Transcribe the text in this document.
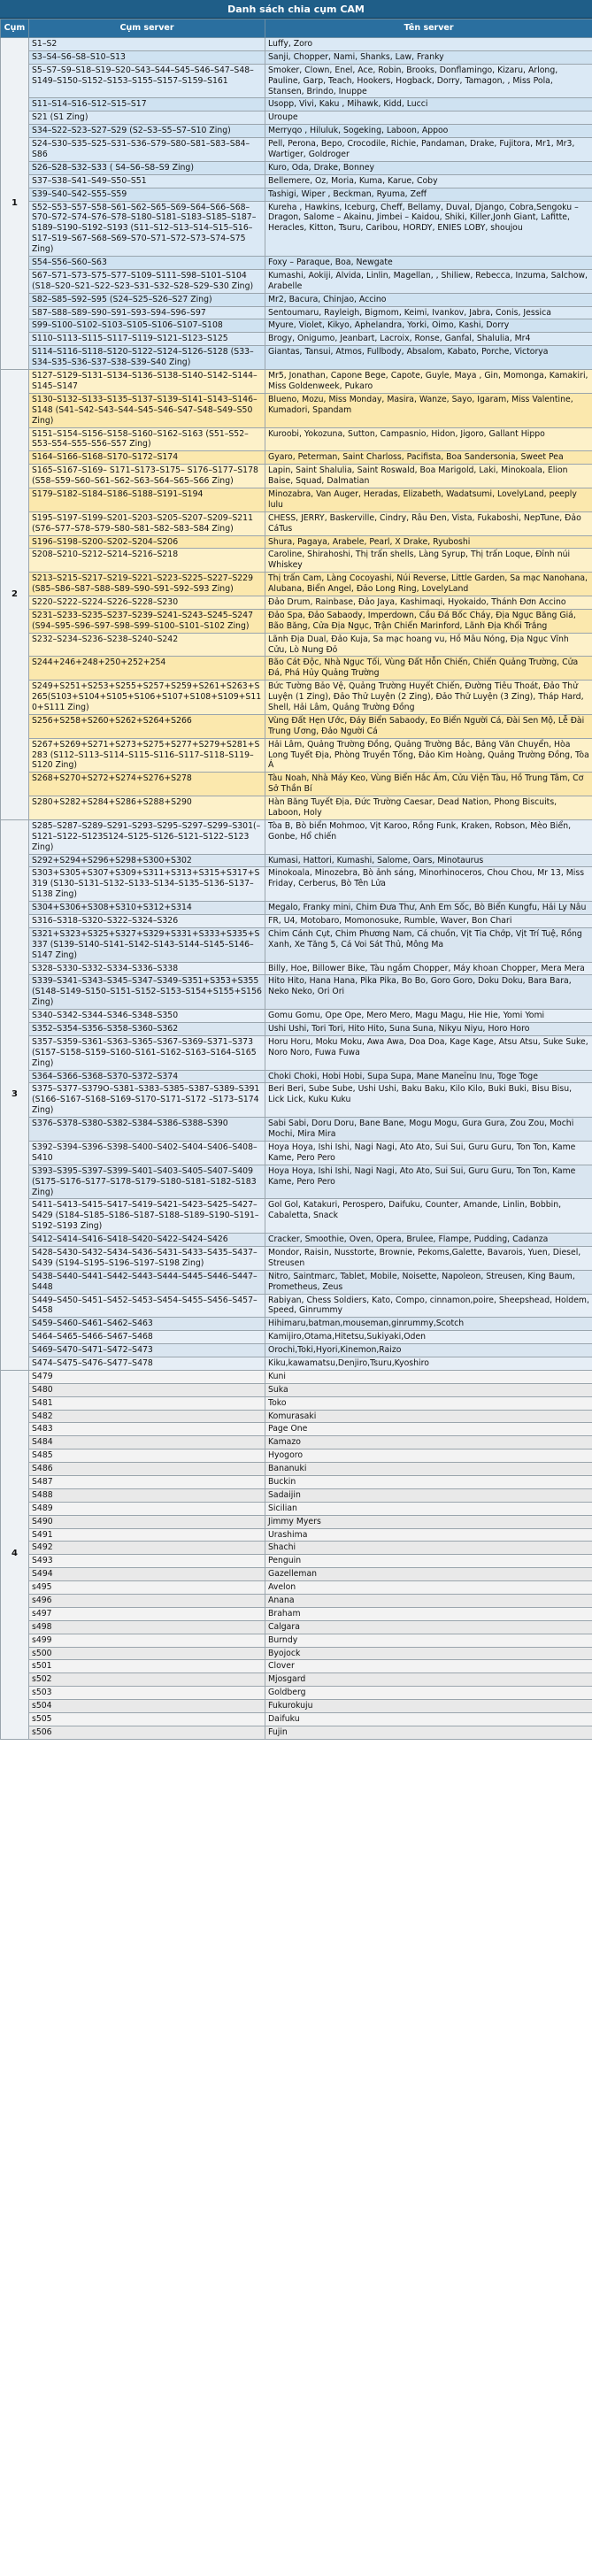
Danh sách chia cụm CAM
Cụm	Cụm server	Tên server
1	S1–S2	Luffy, Zoro
	S3–S4–S6–S8–S10–S13	Sanji, Chopper, Nami, Shanks, Law, Franky
	S5–S7–S9–S18–S19–S20–S43–S44–S45–S46–S47–S48–S149–S150–S152–S153–S155–S157–S159–S161	Smoker, Clown, Enel, Ace, Robin, Brooks, Donflamingo, Kizaru, Arlong, Pauline, Garp, Teach, Hookers, Hogback, Dorry, Tamagon, , Miss Pola, Stansen, Brindo, Inuppe
	S11–S14–S16–S12–S15–S17	Usopp, Vivi, Kaku , Mihawk, Kidd, Lucci
	S21 (S1 Zing)	Uroupe
	S34–S22–S23–S27–S29 (S2–S3–S5–S7–S10 Zing)	Merryqo , Hiluluk, Sogeking, Laboon, Appoo
	S24–S30–S35–S25–S31–S36–S79–S80–S81–S83–S84–S86	Pell, Perona, Bepo, Crocodile, Richie, Pandaman, Drake, Fujitora, Mr1, Mr3, Wartiger, Goldroger
	S26–S28–S32–S33 ( S4–S6–S8–S9 Zing)	Kuro, Oda, Drake, Bonney
	S37–S38–S41–S49–S50–S51	Bellemere, Oz, Moria, Kuma, Karue, Coby
	S39–S40–S42–S55–S59	Tashigi, Wiper , Beckman, Ryuma, Zeff
	S52–S53–S57–S58–S61–S62–S65–S69–S64–S66–S68–S70–S72–S74–S76–S78–S180–S181–S183–S185–S187–S189–S190–S192–S193 (S11–S12–S13–S14–S15–S16–S17–S19–S67–S68–S69–S70–S71–S72–S73–S74–S75 Zing)	Kureha , Hawkins, Iceburg, Cheff, Bellamy, Duval, Django, Cobra,Sengoku – Dragon, Salome – Akainu, Jimbei – Kaidou, Shiki, Killer,Jonh Giant, Lafitte, Heracles, Kitton, Tsuru, Caribou, HORDY, ENIES LOBY, shoujou
	S54–S56–S60–S63	Foxy – Paraque, Boa, Newgate
	S67–S71–S73–S75–S77–S109–S111–S98–S101–S104 (S18–S20–S21–S22–S23–S31–S32–S28–S29–S30 Zing)	Kumashi, Aokiji, Alvida, Linlin, Magellan, , Shiliew, Rebecca, Inzuma, Salchow, Arabelle
	S82–S85–S92–S95 (S24–S25–S26–S27 Zing)	Mr2, Bacura, Chinjao, Accino
	S87–S88–S89–S90–S91–S93–S94–S96–S97	Sentoumaru, Rayleigh, Bigmom, Keimi, Ivankov, Jabra, Conis, Jessica
	S99–S100–S102–S103–S105–S106–S107–S108	Myure, Violet, Kikyo, Aphelandra, Yorki, Oimo, Kashi, Dorry
	S110–S113–S115–S117–S119–S121–S123–S125	Brogy, Onigumo, Jeanbart, Lacroix, Ronse, Ganfal, Shalulia, Mr4
	S114–S116–S118–S120–S122–S124–S126–S128 (S33–S34–S35–S36–S37–S38–S39–S40 Zing)	Giantas, Tansui, Atmos, Fullbody, Absalom, Kabato, Porche, Victorya
2	S127–S129–S131–S134–S136–S138–S140–S142–S144–S145–S147	Mr5, Jonathan, Capone Bege, Capote, Guyle, Maya , Gin, Momonga, Kamakiri, Miss Goldenweek, Pukaro
	S130–S132–S133–S135–S137–S139–S141–S143–S146–S148 (S41–S42–S43–S44–S45–S46–S47–S48–S49–S50 Zing)	Blueno, Mozu, Miss Monday, Masira, Wanze, Sayo, Igaram, Miss Valentine, Kumadori, Spandam
	S151–S154–S156–S158–S160–S162–S163 (S51–S52–S53–S54–S55–S56–S57 Zing)	Kuroobi, Yokozuna, Sutton, Campasnio, Hidon, Jigoro, Gallant Hippo
	S164–S166–S168–S170–S172–S174	Gyaro, Peterman, Saint Charloss, Pacifista, Boa Sandersonia, Sweet Pea
	S165–S167–S169– S171–S173–S175– S176–S177–S178 (S58–S59–S60–S61–S62–S63–S64–S65–S66 Zing)	Lapin, Saint Shalulia, Saint Roswald, Boa Marigold, Laki, Minokoala, Elion Baise, Squad, Dalmatian
	S179–S182–S184–S186–S188–S191–S194	Minozabra, Van Auger, Heradas, Elizabeth, Wadatsumi, LovelyLand, peeply lulu
	S195–S197–S199–S201–S203–S205–S207–S209–S211 (S76–S77–S78–S79–S80–S81–S82–S83–S84 Zing)	CHESS, JERRY, Baskerville, Cindry, Râu Đen, Vista, Fukaboshi, NepTune, Đảo CáTus
	S196–S198–S200–S202–S204–S206	Shura, Pagaya, Arabele, Pearl, X Drake, Ryuboshi
	S208–S210–S212–S214–S216–S218	Caroline, Shirahoshi, Thị trấn shells, Làng Syrup, Thị trấn Loque, Đỉnh núi Whiskey
	S213–S215–S217–S219–S221–S223–S225–S227–S229 (S85–S86–S87–S88–S89–S90–S91–S92–S93 Zing)	Thị trấn Cam, Làng Cocoyashi, Núi Reverse, Little Garden, Sa mạc Nanohana, Alubana, Biển Angel, Đảo Long Ring, LovelyLand
	S220–S222–S224–S226–S228–S230	Đảo Drum, Rainbase, Đảo Jaya, Kashimaqi, Hyokaido, Thánh Đơn Accino
	S231–S233–S235–S237–S239–S241–S243–S245–S247 (S94–S95–S96–S97–S98–S99–S100–S101–S102 Zing)	Đảo Spa, Đảo Sabaody, Imperdown, Cầu Đá Bốc Cháy, Địa Ngục Băng Giá, Bão Băng, Cửa Địa Ngục, Trận Chiến Marinford, Lãnh Địa Khối Trắng
	S232–S234–S236–S238–S240–S242	Lãnh Địa Dual, Đảo Kuja, Sa mạc hoang vu, Hồ Mâu Nóng, Địa Ngục Vĩnh Cửu, Lò Nung Đỏ
	S244+246+248+250+252+254	Bão Cát Độc, Nhà Ngục Tối, Vùng Đất Hỗn Chiến, Chiến Quảng Trường, Cửa Đá, Phá Hủy Quảng Trường
	S249+S251+S253+S255+S257+S259+S261+S263+S265(S103+S104+S105+S106+S107+S108+S109+S110+S111 Zing)	Bức Tường Bảo Vệ, Quảng Trường Huyết Chiến, Đường Tiêu Thoát, Đảo Thử Luyện (1 Zing), Đảo Thử Luyện (2 Zing), Đảo Thử Luyện (3 Zing), Tháp Hard, Shell, Hải Lâm, Quảng Trường Đồng
	S256+S258+S260+S262+S264+S266	Vùng Đất Hẹn Ước, Đáy Biển Sabaody, Eo Biển Người Cá, Đài Sen Mộ, Lễ Đài Trung Ương, Đảo Người Cá
	S267+S269+S271+S273+S275+S277+S279+S281+S283 (S112–S113–S114–S115–S116–S117–S118–S119–S120 Zing)	Hải Lâm, Quảng Trường Đồng, Quảng Trường Bắc, Bảng Văn Chuyển, Hòa Long Tuyết Địa, Phòng Truyền Tống, Đảo Kim Hoàng, Quảng Trường Đồng, Tòa Á
	S268+S270+S272+S274+S276+S278	Tàu Noah, Nhà Máy Keo, Vùng Biển Hắc Ám, Cửu Viện Tàu, Hồ Trung Tâm, Cơ Sở Thần Bí
	S280+S282+S284+S286+S288+S290	Hàn Băng Tuyết Địa, Đức Trường Caesar, Dead Nation, Phong Biscuits, Laboon, Holy
3	S285–S287–S289–S291–S293–S295–S297–S299–S301(–S121–S122–S123S124–S125–S126–S121–S122–S123 Zing)	Tòa B, Bò biển Mohmoo, Vịt Karoo, Rồng Funk, Kraken, Robson, Mèo Biển, Gonbe, Hổ chiến
	S292+S294+S296+S298+S300+S302	Kumasi, Hattori, Kumashi, Salome, Oars, Minotaurus
	S303+S305+S307+S309+S311+S313+S315+S317+S319 (S130–S131–S132–S133–S134–S135–S136–S137–S138 Zing)	Minokoala, Minozebra, Bò ảnh sáng, Minorhinoceros, Chou Chou, Mr 13, Miss Friday, Cerberus, Bò Tên Lửa
	S304+S306+S308+S310+S312+S314	Megalo, Franky mini, Chim Đưa Thư, Anh Em Sốc, Bò Biển Kungfu, Hải Ly Nâu
	S316–S318–S320–S322–S324–S326	FR, U4, Motobaro, Momonosuke, Rumble, Waver, Bon Chari
	S321+S323+S325+S327+S329+S331+S333+S335+S337 (S139–S140–S141–S142–S143–S144–S145–S146–S147 Zing)	Chim Cánh Cụt, Chim Phương Nam, Cá chuồn, Vịt Tia Chớp, Vịt Trí Tuệ, Rồng Xanh, Xe Tăng 5, Cá Voi Sát Thủ, Mông Ma
	S328–S330–S332–S334–S336–S338	Billy, Hoe, Billower Bike, Tàu ngầm Chopper, Máy khoan Chopper, Mera Mera
	S339–S341–S343–S345–S347–S349–S351+S353+S355 (S148–S149–S150–S151–S152–S153–S154+S155+S156 Zing)	Hito Hito, Hana Hana, Pika Pika, Bo Bo, Goro Goro, Doku Doku, Bara Bara, Neko Neko, Ori Ori
	S340–S342–S344–S346–S348–S350	Gomu Gomu, Ope Ope, Mero Mero, Magu Magu, Hie Hie, Yomi Yomi
	S352–S354–S356–S358–S360–S362	Ushi Ushi, Tori Tori, Hito Hito, Suna Suna, Nikyu Niyu, Horo Horo
	S357–S359–S361–S363–S365–S367–S369–S371–S373 (S157–S158–S159–S160–S161–S162–S163–S164–S165 Zing)	Horu Horu, Moku Moku, Awa Awa, Doa Doa, Kage Kage, Atsu Atsu, Suke Suke, Noro Noro, Fuwa Fuwa
	S364–S366–S368–S370–S372–S374	Choki Choki, Hobi Hobi, Supa Supa, Mane Maneīnu Inu, Toge Toge
	S375–S377–S379O–S381–S383–S385–S387–S389–S391 (S166–S167–S168–S169–S170–S171–S172 –S173–S174 Zing)	Beri Beri, Sube Sube, Ushi Ushi, Baku Baku, Kilo Kilo, Buki Buki, Bisu Bisu, Lick Lick, Kuku Kuku
	S376–S378–S380–S382–S384–S386–S388–S390	Sabi Sabi, Doru Doru, Bane Bane, Mogu Mogu, Gura Gura, Zou Zou, Mochi Mochi, Mira Mira
	S392–S394–S396–S398–S400–S402–S404–S406–S408–S410	Hoya Hoya, Ishi Ishi, Nagi Nagi, Ato Ato, Sui Sui, Guru Guru, Ton Ton, Kame Kame, Pero Pero
	S393–S395–S397–S399–S401–S403–S405–S407–S409 (S175–S176–S177–S178–S179–S180–S181–S182–S183 Zing)	Hoya Hoya, Ishi Ishi, Nagi Nagi, Ato Ato, Sui Sui, Guru Guru, Ton Ton, Kame Kame, Pero Pero
	S411–S413–S415–S417–S419–S421–S423–S425–S427–S429 (S184–S185–S186–S187–S188–S189–S190–S191–S192–S193 Zing)	Gol Gol, Katakuri, Perospero, Daifuku, Counter, Amande, Linlin, Bobbin, Cabaletta, Snack
	S412–S414–S416–S418–S420–S422–S424–S426	Cracker, Smoothie, Oven, Opera, Brulee, Flampe, Pudding, Cadanza
	S428–S430–S432–S434–S436–S431–S433–S435–S437–S439 (S194–S195–S196–S197–S198 Zing)	Mondor, Raisin, Nusstorte, Brownie, Pekoms,Galette, Bavarois, Yuen, Diesel, Streusen
	S438–S440–S441–S442–S443–S444–S445–S446–S447–S448	Nitro, Saintmarc, Tablet, Mobile, Noisette, Napoleon, Streusen, King Baum, Prometheus, Zeus
	S449–S450–S451–S452–S453–S454–S455–S456–S457–S458	Rabiyan, Chess Soldiers, Kato, Compo, cinnamon,poire, Sheepshead, Holdem, Speed, Ginrummy
	S459–S460–S461–S462–S463	Hihimaru,batman,mouseman,ginrummy,Scotch
	S464–S465–S466–S467–S468	Kamijiro,Otama,Hitetsu,Sukiyaki,Oden
	S469–S470–S471–S472–S473	Orochi,Toki,Hyori,Kinemon,Raizo
	S474–S475–S476–S477–S478	Kiku,kawamatsu,Denjiro,Tsuru,Kyoshiro
4	S479	Kuni
	S480	Suka
	S481	Toko
	S482	Komurasaki
	S483	Page One
	S484	Kamazo
	S485	Hyogoro
	S486	Bananuki
	S487	Buckin
	S488	Sadaijin
	S489	Sicilian
	S490	Jimmy Myers
	S491	Urashima
	S492	Shachi
	S493	Penguin
	S494	Gazelleman
	s495	Avelon
	s496	Anana
	s497	Braham
	s498	Calgara
	s499	Burndy
	s500	Byojock
	s501	Clover
	s502	Mjosgard
	s503	Goldberg
	s504	Fukurokuju
	s505	Daifuku
	s506	Fujin
